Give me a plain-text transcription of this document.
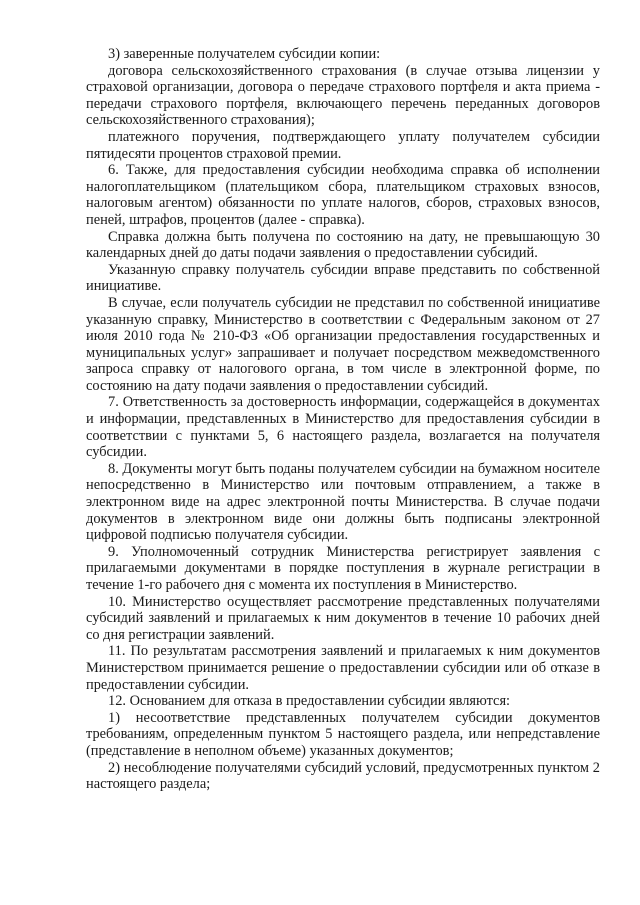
3) заверенные получателем субсидии копии:

договора сельскохозяйственного страхования (в случае отзыва лицензии у страховой организации, договора о передаче страхового портфеля и акта приема - передачи страхового портфеля, включающего перечень переданных договоров сельскохозяйственного страхования);

платежного поручения, подтверждающего уплату получателем субсидии пятидесяти процентов страховой премии.

6. Также, для предоставления субсидии необходима справка об исполнении налогоплательщиком (плательщиком сбора, плательщиком страховых взносов, налоговым агентом) обязанности по уплате налогов, сборов, страховых взносов, пеней, штрафов, процентов (далее - справка).

Справка должна быть получена по состоянию на дату, не превышающую 30 календарных дней до даты подачи заявления о предоставлении субсидий.

Указанную справку получатель субсидии вправе представить по собственной инициативе.

В случае, если получатель субсидии не представил по собственной инициативе указанную справку, Министерство в соответствии с Федеральным законом от 27 июля 2010 года № 210-ФЗ «Об организации предоставления государственных и муниципальных услуг» запрашивает и получает посредством межведомственного запроса справку от налогового органа, в том числе в электронной форме, по состоянию на дату подачи заявления о предоставлении субсидий.

7. Ответственность за достоверность информации, содержащейся в документах и информации, представленных в Министерство для предоставления субсидии в соответствии с пунктами 5, 6 настоящего раздела, возлагается на получателя субсидии.

8. Документы могут быть поданы получателем субсидии на бумажном носителе непосредственно в Министерство или почтовым отправлением, а также в электронном виде на адрес электронной почты Министерства. В случае подачи документов в электронном виде они должны быть подписаны электронной цифровой подписью получателя субсидии.

9. Уполномоченный сотрудник Министерства регистрирует заявления с прилагаемыми документами в порядке поступления в журнале регистрации в течение 1-го рабочего дня с момента их поступления в Министерство.

10. Министерство осуществляет рассмотрение представленных получателями субсидий заявлений и прилагаемых к ним документов в течение 10 рабочих дней со дня регистрации заявлений.

11. По результатам рассмотрения заявлений и прилагаемых к ним документов Министерством принимается решение о предоставлении субсидии или об отказе в предоставлении субсидии.

12. Основанием для отказа в предоставлении субсидии являются:

1) несоответствие представленных получателем субсидии документов требованиям, определенным пунктом 5 настоящего раздела, или непредставление (представление в неполном объеме) указанных документов;

2) несоблюдение получателями субсидий условий, предусмотренных пунктом 2 настоящего раздела;
